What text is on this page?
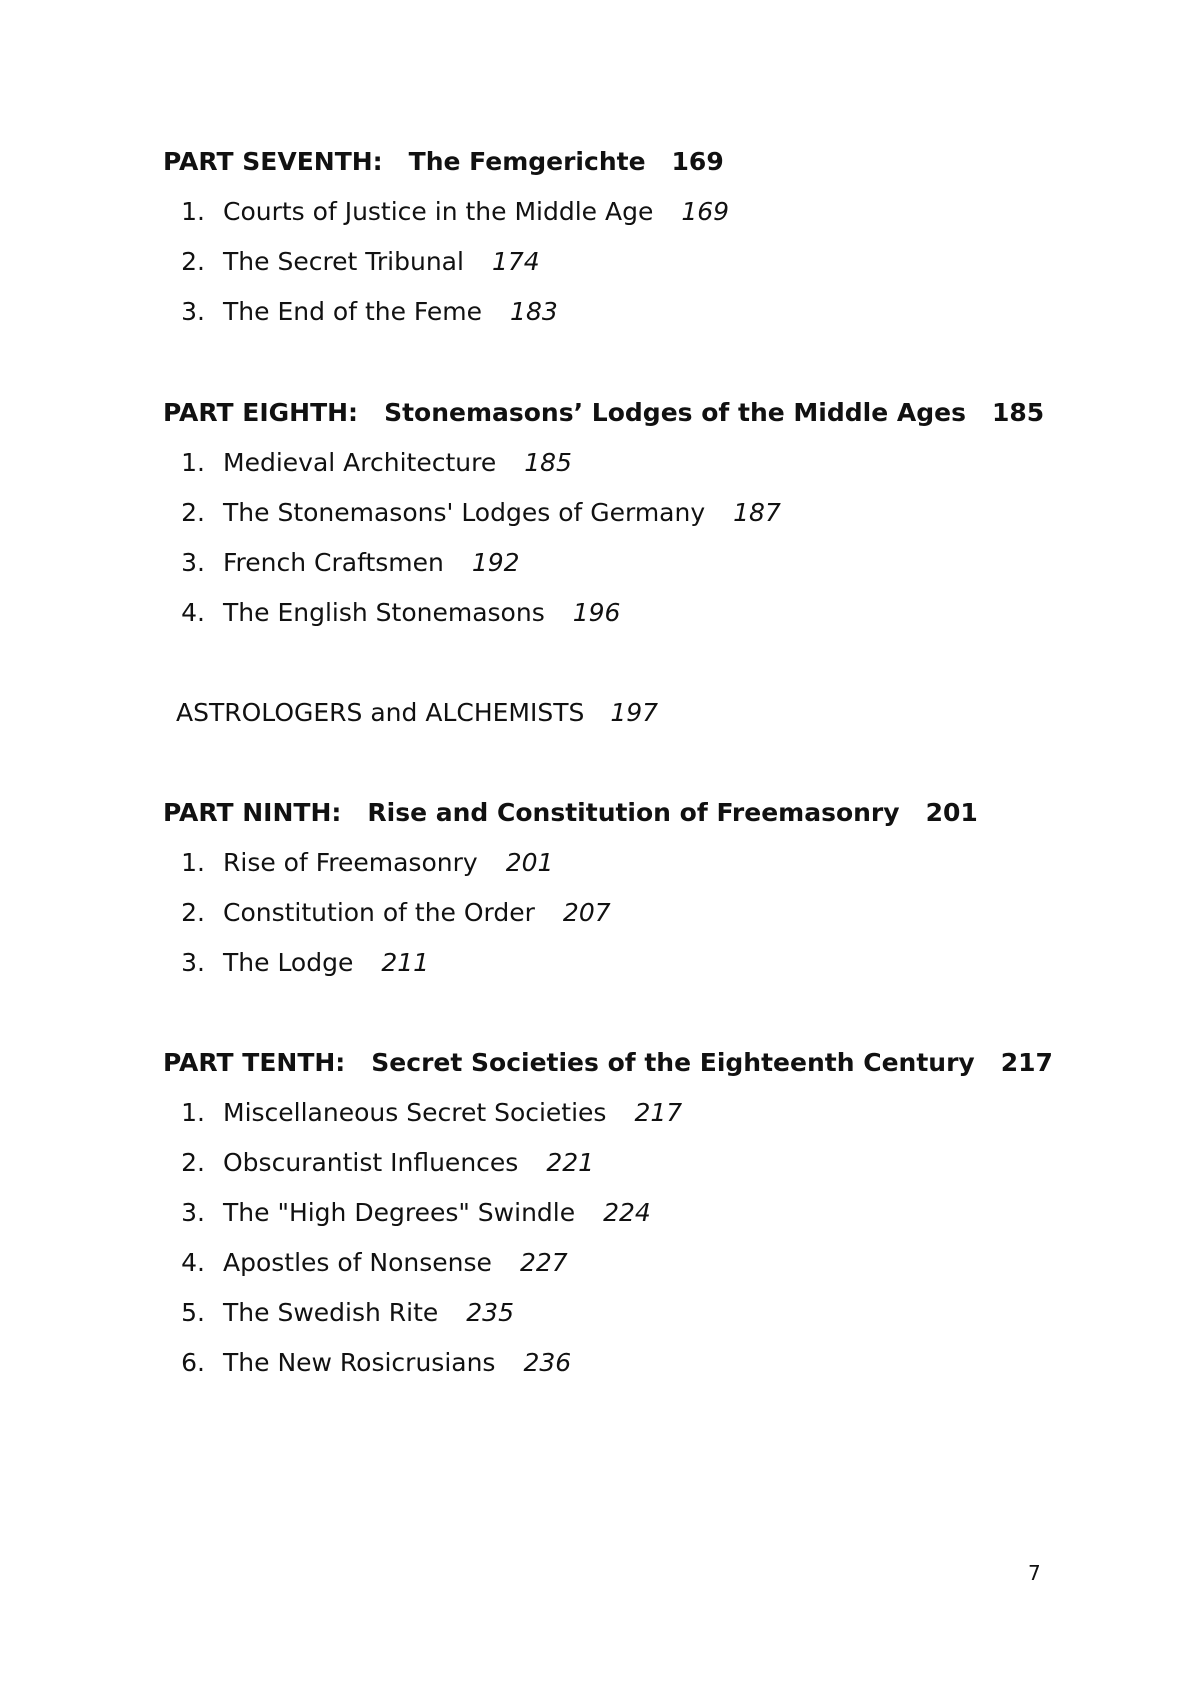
PART SEVENTH: The Femgerichte 169
1. Courts of Justice in the Middle Age 169
2. The Secret Tribunal 174
3. The End of the Feme 183
PART EIGHTH: Stonemasons’ Lodges of the Middle Ages 185
1. Medieval Architecture 185
2. The Stonemasons' Lodges of Germany 187
3. French Craftsmen 192
4. The English Stonemasons 196
ASTROLOGERS and ALCHEMISTS 197
PART NINTH: Rise and Constitution of Freemasonry 201
1. Rise of Freemasonry 201
2. Constitution of the Order 207
3. The Lodge 211
PART TENTH: Secret Societies of the Eighteenth Century 217
1. Miscellaneous Secret Societies 217
2. Obscurantist Influences 221
3. The "High Degrees" Swindle 224
4. Apostles of Nonsense 227
5. The Swedish Rite 235
6. The New Rosicrusians 236
7
